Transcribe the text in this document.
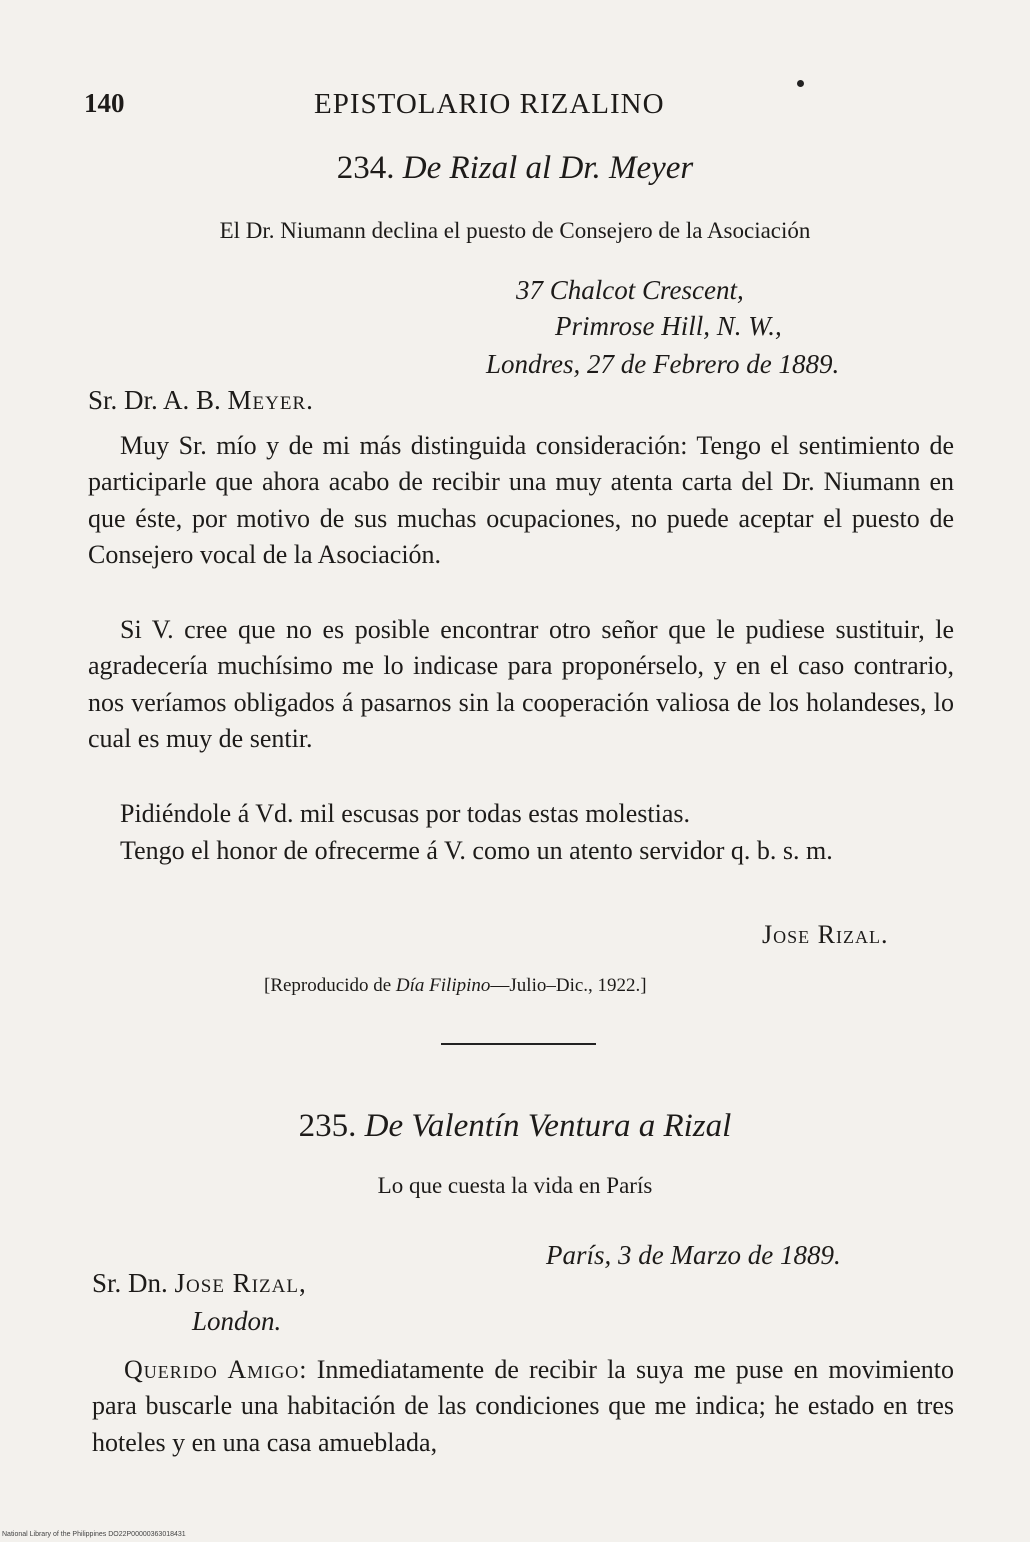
140	EPISTOLARIO RIZALINO
234. De Rizal al Dr. Meyer
El Dr. Niumann declina el puesto de Consejero de la Asociación
37 Chalcot Crescent,
Primrose Hill, N. W.,
Londres, 27 de Febrero de 1889.
Sr. Dr. A. B. Meyer.
Muy Sr. mío y de mi más distinguida consideración: Tengo el sentimiento de participarle que ahora acabo de recibir una muy atenta carta del Dr. Niumann en que éste, por motivo de sus muchas ocupaciones, no puede aceptar el puesto de Consejero vocal de la Asociación.
Si V. cree que no es posible encontrar otro señor que le pudiese sustituir, le agradecería muchísimo me lo indicase para proponérselo, y en el caso contrario, nos veríamos obligados á pasarnos sin la cooperación valiosa de los holandeses, lo cual es muy de sentir.
Pidiéndole á Vd. mil escusas por todas estas molestias.
Tengo el honor de ofrecerme á V. como un atento servidor q. b. s. m.
Jose Rizal.
[Reproducido de Día Filipino—Julio–Dic., 1922.]
235. De Valentín Ventura a Rizal
Lo que cuesta la vida en París
París, 3 de Marzo de 1889.
Sr. Dn. Jose Rizal,
London.
Querido Amigo: Inmediatamente de recibir la suya me puse en movimiento para buscarle una habitación de las condiciones que me indica; he estado en tres hoteles y en una casa amueblada,
National Library of the Philippines DO22P00000363018431
